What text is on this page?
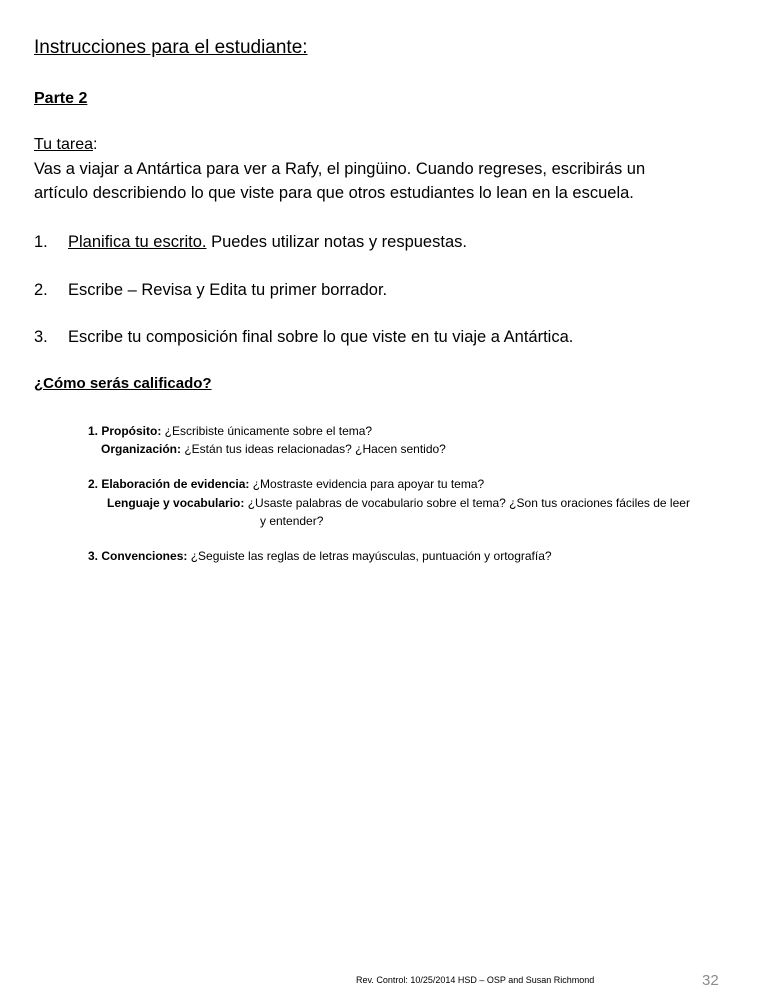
Instrucciones para el estudiante:
Parte 2
Tu tarea:
Vas a viajar a Antártica para ver a Rafy, el pingüino. Cuando regreses, escribirás un
artículo describiendo lo que viste para que otros estudiantes lo lean en la escuela.
1. Planifica tu escrito. Puedes utilizar notas y respuestas.
2. Escribe – Revisa y Edita tu primer borrador.
3. Escribe tu composición final sobre lo que viste en tu viaje a Antártica.
¿Cómo serás calificado?
1. Propósito: ¿Escribiste únicamente sobre el tema?
Organización: ¿Están tus ideas relacionadas? ¿Hacen sentido?
2. Elaboración de evidencia: ¿Mostraste evidencia para apoyar tu tema?
Lenguaje y vocabulario: ¿Usaste palabras de vocabulario sobre el tema? ¿Son tus oraciones fáciles de leer
y entender?
3. Convenciones: ¿Seguiste las reglas de letras mayúsculas, puntuación y ortografía?
Rev. Control: 10/25/2014 HSD – OSP and Susan Richmond	32
